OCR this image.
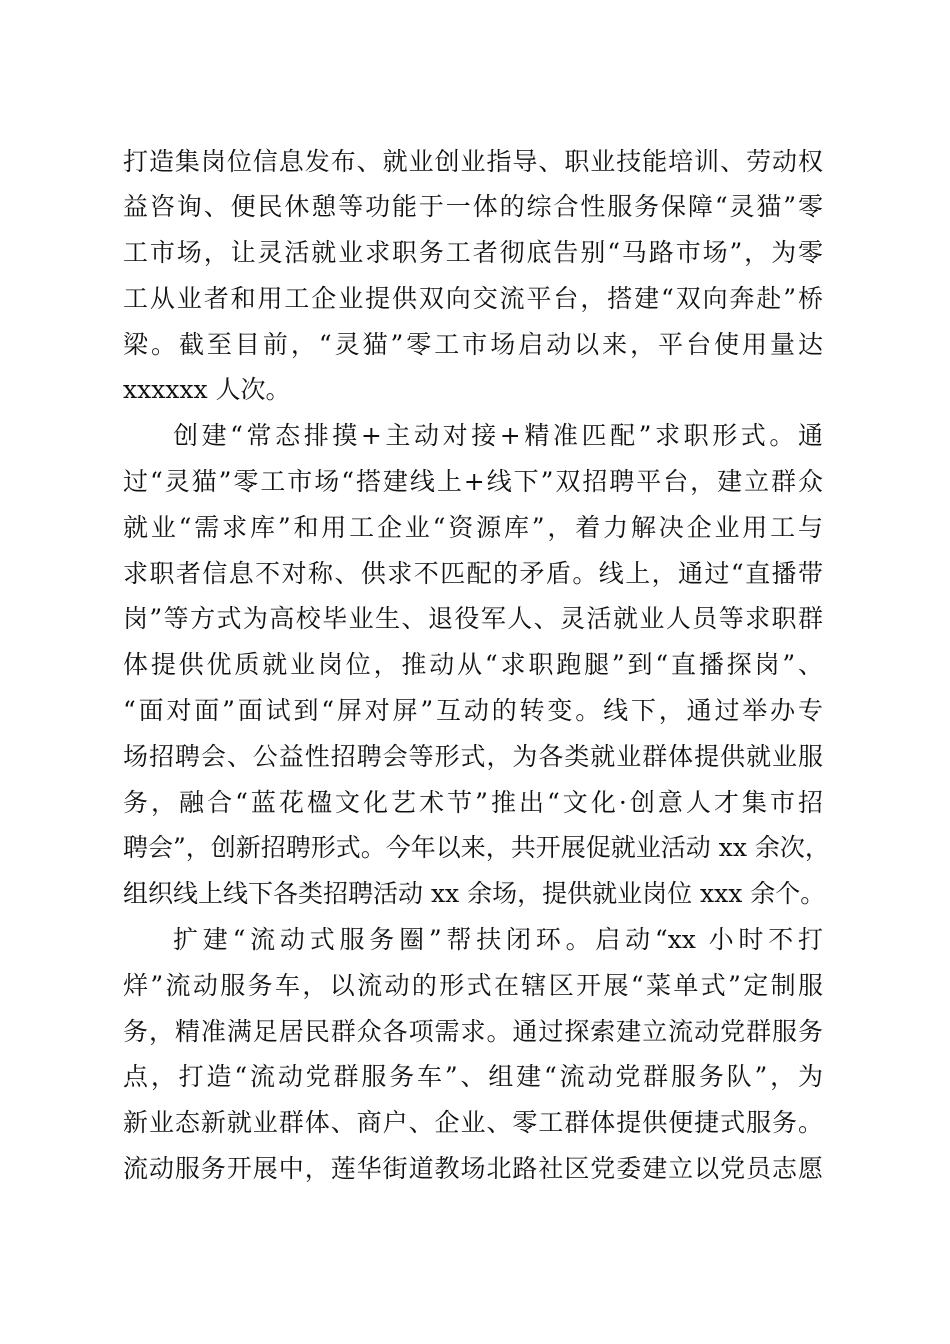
打造集岗位信息发布、就业创业指导、职业技能培训、劳动权

益咨询、便民休憩等功能于一体的综合性服务保障“灵猫”零

工市场，让灵活就业求职务工者彻底告别“马路市场”，为零

工从业者和用工企业提供双向交流平台，搭建“双向奔赴”桥

梁。截至目前，“灵猫”零工市场启动以来，平台使用量达

xxxxxx 人次。

创建“常态排摸+主动对接+精准匹配”求职形式。通

过“灵猫”零工市场“搭建线上+线下”双招聘平台，建立群众

就业“需求库”和用工企业“资源库”，着力解决企业用工与

求职者信息不对称、供求不匹配的矛盾。线上，通过“直播带

岗”等方式为高校毕业生、退役军人、灵活就业人员等求职群

体提供优质就业岗位，推动从“求职跑腿”到“直播探岗”、

“面对面”面试到“屏对屏”互动的转变。线下，通过举办专

场招聘会、公益性招聘会等形式，为各类就业群体提供就业服

务，融合“蓝花楹文化艺术节”推出“文化·创意人才集市招

聘会”，创新招聘形式。今年以来，共开展促就业活动 xx 余次，

组织线上线下各类招聘活动 xx 余场，提供就业岗位 xxx 余个。

扩建“流动式服务圈”帮扶闭环。启动“xx 小时不打

烊”流动服务车，以流动的形式在辖区开展“菜单式”定制服

务，精准满足居民群众各项需求。通过探索建立流动党群服务

点，打造“流动党群服务车”、组建“流动党群服务队”，为

新业态新就业群体、商户、企业、零工群体提供便捷式服务。

流动服务开展中，莲华街道教场北路社区党委建立以党员志愿
